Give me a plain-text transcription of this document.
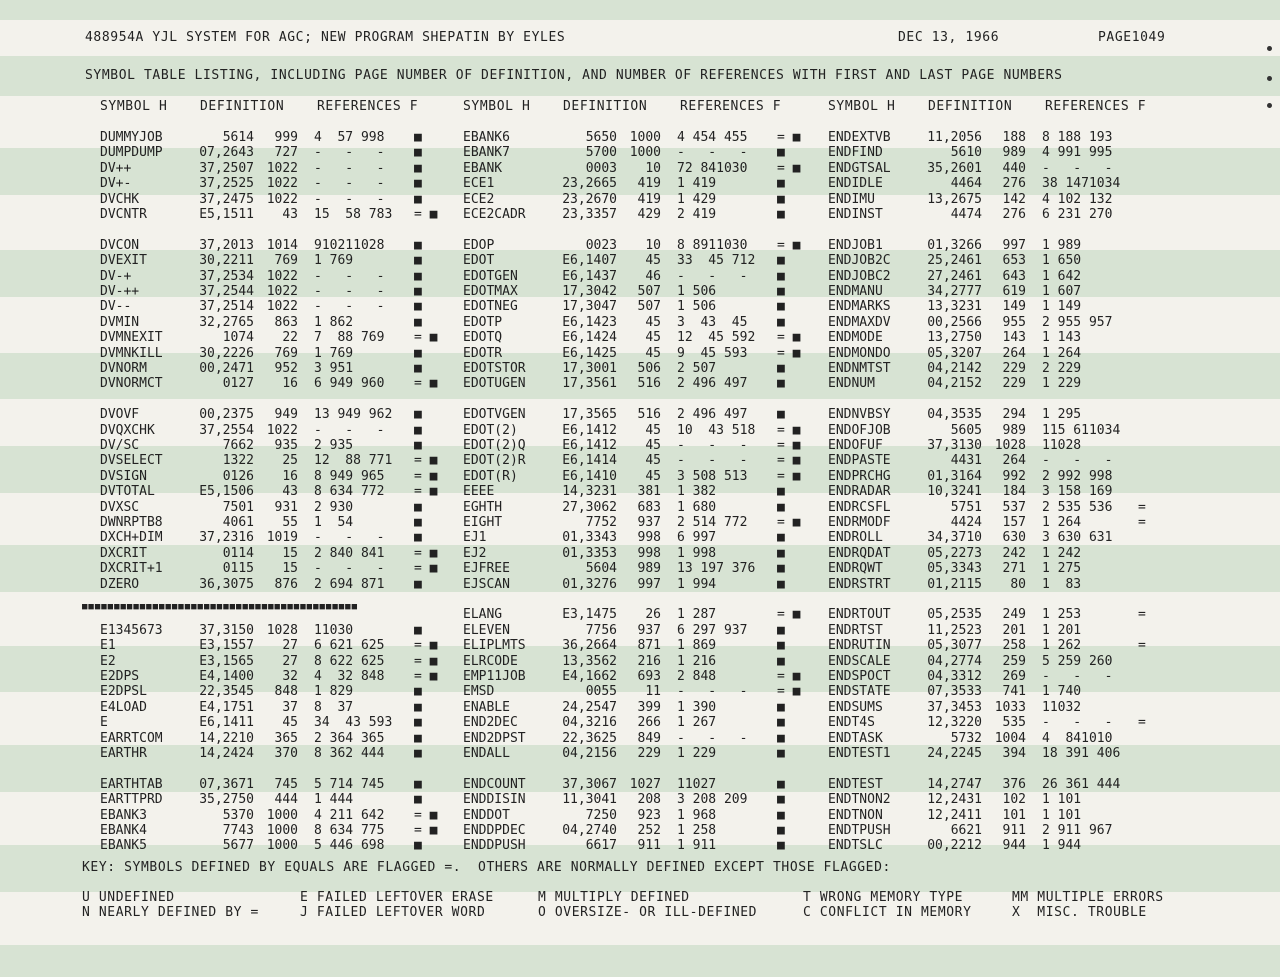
488954A YJL SYSTEM FOR AGC; NEW PROGRAM SHEPATIN BY EYLES	DEC 13, 1966	PAGE1049
SYMBOL TABLE LISTING, INCLUDING PAGE NUMBER OF DEFINITION, AND NUMBER OF REFERENCES WITH FIRST AND LAST PAGE NUMBERS
SYMBOL H	DEFINITION	REFERENCES F	SYMBOL H	DEFINITION	REFERENCES F	SYMBOL H	DEFINITION	REFERENCES F
DUMMYJOB	5614	999 4  57 998 ■
DUMPDUMP	07,2643	727 -   -   - ■
DV++	37,2507 1022 -   -   - ■
DV+-	37,2525 1022 -   -   - ■
DVCHK	37,2475 1022 -   -   - ■
DVCNTR	E5,1511	43 15  58 783 = ■
DVCON	37,2013 1014 910211028 ■
DVEXIT	30,2211	769 1 769	■
DV-+	37,2534 1022 -   -   - ■
DV-++	37,2544 1022 -   -   - ■
DV--	37,2514 1022 -   -   - ■
DVMIN	32,2765	863 1 862	■
DVMNEXIT	1074	22 7  88 769 = ■
DVMNKILL	30,2226	769 1 769	■
DVNORM	00,2471	952 3 951	■
DVNORMCT	0127	16 6 949 960 = ■
DVOVF	00,2375	949 13 949 962 ■
DVQXCHK	37,2554 1022 -   -   - ■
DV/SC	7662	935 2 935	■
DVSELECT	1322	25 12  88 771 = ■
DVSIGN	0126	16 8 949 965 = ■
DVTOTAL	E5,1506	43 8 634 772 = ■
DVXSC	7501	931 2 930	■
DWNRPTB8	4061	55 1  54	■
DXCH+DIM	37,2316 1019 -   -   - ■
DXCRIT	0114	15 2 840 841 = ■
DXCRIT+1	0115	15 -   -   - = ■
DZERO	36,3075	876 2 694 871 ■
E1345673	37,3150 1028 11030	■
E1	E3,1557	27 6 621 625 = ■
E2	E3,1565	27 8 622 625 = ■
E2DPS	E4,1400	32 4  32 848 = ■
E2DPSL	22,3545	848 1 829	■
E4LOAD	E4,1751	37 8  37	■
E	E6,1411	45 34  43 593 ■
EARRTCOM	14,2210	365 2 364 365 ■
EARTHR	14,2424	370 8 362 444 ■
EARTHTAB	07,3671	745 5 714 745 ■
EARTTPRD	35,2750	444 1 444	■
EBANK3	5370 1000 4 211 642 = ■
EBANK4	7743 1000 8 634 775 = ■
EBANK5	5677 1000 5 446 698 ■
EBANK6	5650 1000 4 454 455 = ■
EBANK7	5700 1000 -   -   - ■
EBANK	0003	10 72 841030 = ■
ECE1	23,2665	419 1 419	■
ECE2	23,2670	419 1 429	■
ECE2CADR	23,3357	429 2 419	■
EDOP	0023	10 8 8911030 = ■
EDOT	E6,1407	45 33  45 712 ■
EDOTGEN	E6,1437	46 -   -   - ■
EDOTMAX	17,3042	507 1 506	■
EDOTNEG	17,3047	507 1 506	■
EDOTP	E6,1423	45 3  43  45 ■
EDOTQ	E6,1424	45 12  45 592 = ■
EDOTR	E6,1425	45 9  45 593 = ■
EDOTSTOR	17,3001	506 2 507	■
EDOTUGEN	17,3561	516 2 496 497 ■
EDOTVGEN	17,3565	516 2 496 497 ■
EDOT(2)	E6,1412	45 10  43 518 = ■
EDOT(2)Q	E6,1412	45 -   -   - = ■
EDOT(2)R	E6,1414	45 -   -   - = ■
EDOT(R)	E6,1410	45 3 508 513 = ■
EEEE	14,3231	381 1 382	■
EGHTH	27,3062	683 1 680	■
EIGHT	7752	937 2 514 772 = ■
EJ1	01,3343	998 6 997	■
EJ2	01,3353	998 1 998	■
EJFREE	5604	989 13 197 376 ■
EJSCAN	01,3276	997 1 994	■
ELANG	E3,1475	26 1 287	= ■
ELEVEN	7756	937 6 297 937 ■
ELIPLMTS	36,2664	871 1 869	■
ELRCODE	13,3562	216 1 216	■
EMP11JOB	E4,1662	693 2 848	= ■
EMSD	0055	11 -   -   - = ■
ENABLE	24,2547	399 1 390	■
END2DEC	04,3216	266 1 267	■
END2DPST	22,3625	849 -   -   - ■
ENDALL	04,2156	229 1 229	■
ENDCOUNT	37,3067 1027 11027	■
ENDDISIN	11,3041	208 3 208 209 ■
ENDDOT	7250	923 1 968	■
ENDDPDEC	04,2740	252 1 258	■
ENDDPUSH	6617	911 1 911	■
ENDEXTVB	11,2056	188 8 188 193
ENDFIND	5610	989 4 991 995
ENDGTSAL	35,2601	440 -   -   -
ENDIDLE	4464	276 38 1471034
ENDIMU	13,2675	142 4 102 132
ENDINST	4474	276 6 231 270
ENDJOB1	01,3266	997 1 989
ENDJOB2C	25,2461	653 1 650
ENDJOBC2	27,2461	643 1 642
ENDMANU	34,2777	619 1 607
ENDMARKS	13,3231	149 1 149
ENDMAXDV	00,2566	955 2 955 957
ENDMODE	13,2750	143 1 143
ENDMONDO	05,3207	264 1 264
ENDNMTST	04,2142	229 2 229
ENDNUM	04,2152	229 1 229
ENDNVBSY	04,3535	294 1 295
ENDOFJOB	5605	989 115 611034
ENDOFUF	37,3130 1028 11028
ENDPASTE	4431	264 -   -   -
ENDPRCHG	01,3164	992 2 992 998
ENDRADAR	10,3241	184 3 158 169
ENDRCSFL	5751	537 2 535 536 =
ENDRMODF	4424	157 1 264	=
ENDROLL	34,3710	630 3 630 631
ENDRQDAT	05,2273	242 1 242
ENDRQWT	05,3343	271 1 275
ENDRSTRT	01,2115	80 1  83
ENDRTOUT	05,2535	249 1 253	=
ENDRTST	11,2523	201 1 201
ENDRUTIN	05,3077	258 1 262	=
ENDSCALE	04,2774	259 5 259 260
ENDSPOCT	04,3312	269 -   -   -
ENDSTATE	07,3533	741 1 740
ENDSUMS	37,3453 1033 11032
ENDT4S	12,3220	535 -   -   - =
ENDTASK	5732 1004 4  841010
ENDTEST1	24,2245	394 18 391 406
ENDTEST	14,2747	376 26 361 444
ENDTNON2	12,2431	102 1 101
ENDTNON	12,2411	101 1 101
ENDTPUSH	6621	911 2 911 967
ENDTSLC	00,2212	944 1 944
■■■■■■■■■■■■■■■■■■■■■■■■■■■■■■■■■■■■■■■■■■■
KEY: SYMBOLS DEFINED BY EQUALS ARE FLAGGED =.  OTHERS ARE NORMALLY DEFINED EXCEPT THOSE FLAGGED:
U UNDEFINED
N NEARLY DEFINED BY =
E FAILED LEFTOVER ERASE
J FAILED LEFTOVER WORD
M MULTIPLY DEFINED
O OVERSIZE- OR ILL-DEFINED
T WRONG MEMORY TYPE
C CONFLICT IN MEMORY
MM MULTIPLE ERRORS
X  MISC. TROUBLE
